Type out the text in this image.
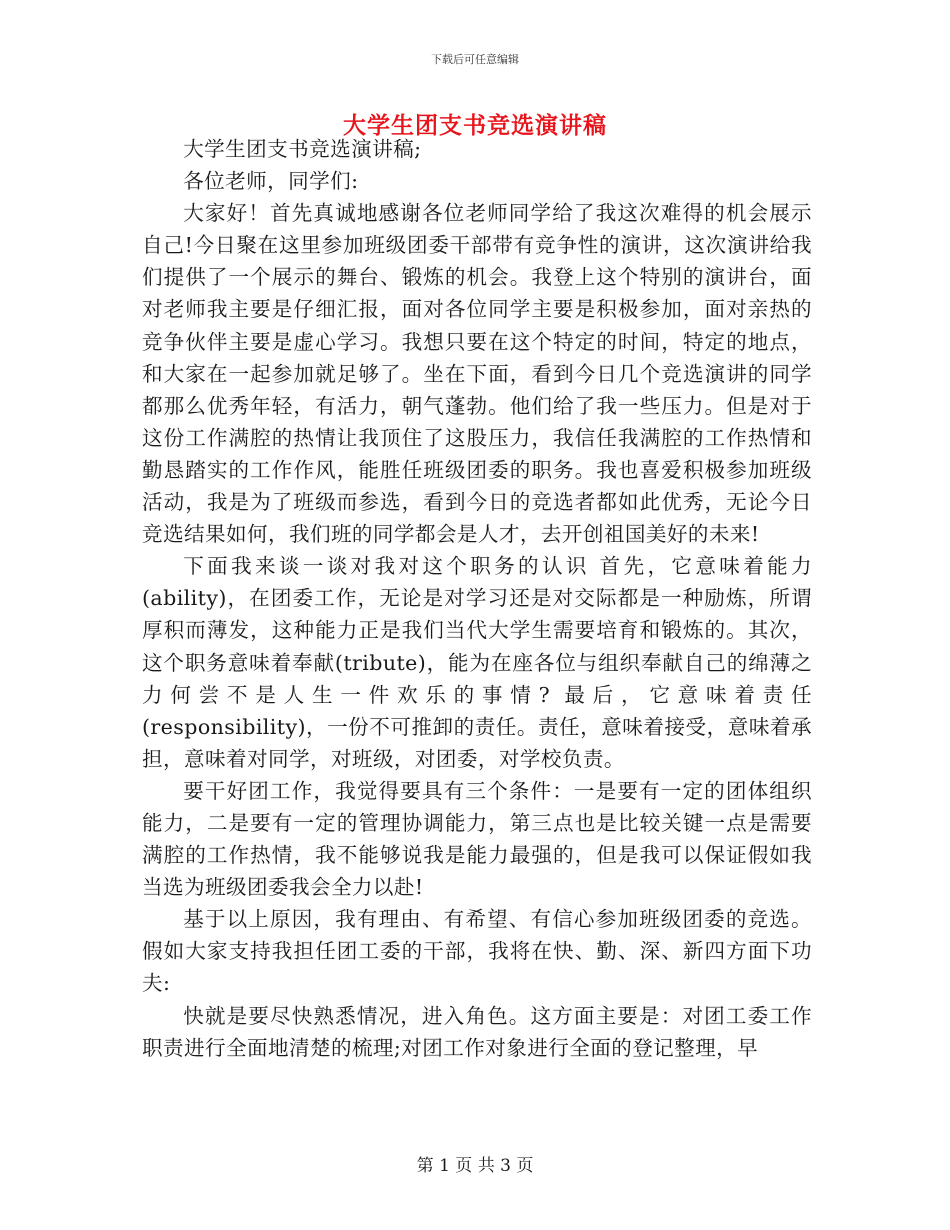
下载后可任意编辑
大学生团支书竞选演讲稿

大学生团支书竞选演讲稿;

各位老师，同学们:

大家好！首先真诚地感谢各位老师同学给了我这次难得的机会展示自己!今日聚在这里参加班级团委干部带有竞争性的演讲，这次演讲给我们提供了一个展示的舞台、锻炼的机会。我登上这个特别的演讲台，面对老师我主要是仔细汇报，面对各位同学主要是积极参加，面对亲热的竞争伙伴主要是虚心学习。我想只要在这个特定的时间，特定的地点，和大家在一起参加就足够了。坐在下面，看到今日几个竞选演讲的同学都那么优秀年轻，有活力，朝气蓬勃。他们给了我一些压力。但是对于这份工作满腔的热情让我顶住了这股压力，我信任我满腔的工作热情和勤恳踏实的工作作风，能胜任班级团委的职务。我也喜爱积极参加班级活动，我是为了班级而参选，看到今日的竞选者都如此优秀，无论今日竞选结果如何，我们班的同学都会是人才，去开创祖国美好的未来!

下面我来谈一谈对我对这个职务的认识 首先，它意味着能力(ability)，在团委工作，无论是对学习还是对交际都是一种励炼，所谓厚积而薄发，这种能力正是我们当代大学生需要培育和锻炼的。其次，这个职务意味着奉献(tribute)，能为在座各位与组织奉献自己的绵薄之力何尝不是人生一件欢乐的事情? 最后，它意味着责任(responsibility)，一份不可推卸的责任。责任，意味着接受，意味着承担，意味着对同学，对班级，对团委，对学校负责。

要干好团工作，我觉得要具有三个条件：一是要有一定的团体组织能力，二是要有一定的管理协调能力，第三点也是比较关键一点是需要满腔的工作热情，我不能够说我是能力最强的，但是我可以保证假如我当选为班级团委我会全力以赴!

基于以上原因，我有理由、有希望、有信心参加班级团委的竞选。假如大家支持我担任团工委的干部，我将在快、勤、深、新四方面下功夫:

快就是要尽快熟悉情况，进入角色。这方面主要是：对团工委工作职责进行全面地清楚的梳理;对团工作对象进行全面的登记整理，早

第 1 页 共 3 页
